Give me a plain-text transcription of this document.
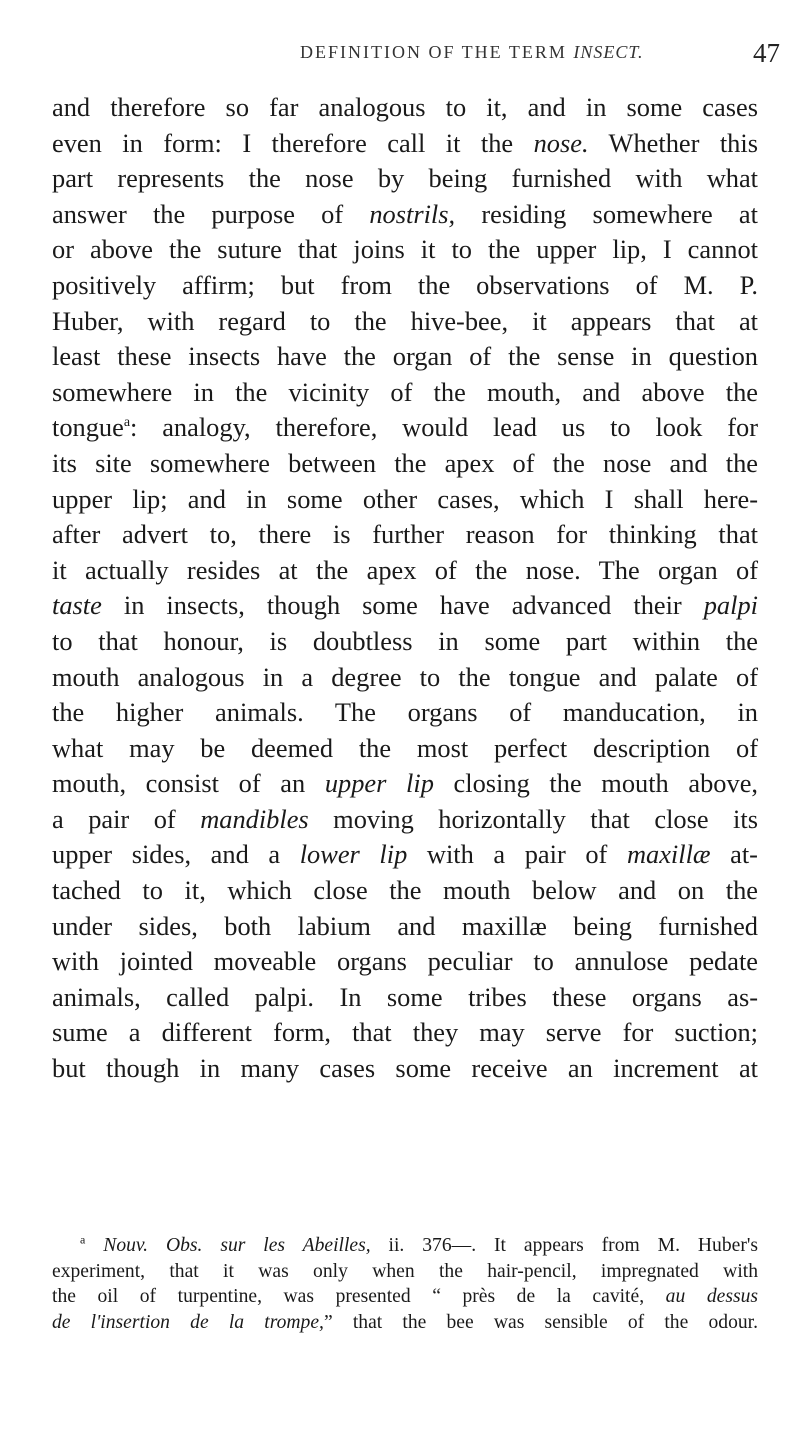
DEFINITION OF THE TERM INSECT.	47
and therefore so far analogous to it, and in some cases
even in form: I therefore call it the nose. Whether this
part represents the nose by being furnished with what
answer the purpose of nostrils, residing somewhere at
or above the suture that joins it to the upper lip, I cannot
positively affirm; but from the observations of M. P.
Huber, with regard to the hive-bee, it appears that at
least these insects have the organ of the sense in question
somewhere in the vicinity of the mouth, and above the
tongue$^a$: analogy, therefore, would lead us to look for
its site somewhere between the apex of the nose and the
upper lip; and in some other cases, which I shall here-
after advert to, there is further reason for thinking that
it actually resides at the apex of the nose. The organ of
taste in insects, though some have advanced their palpi
to that honour, is doubtless in some part within the
mouth analogous in a degree to the tongue and palate of
the higher animals. The organs of manducation, in
what may be deemed the most perfect description of
mouth, consist of an upper lip closing the mouth above,
a pair of mandibles moving horizontally that close its
upper sides, and a lower lip with a pair of maxillæ at-
tached to it, which close the mouth below and on the
under sides, both labium and maxillæ being furnished
with jointed moveable organs peculiar to annulose pedate
animals, called palpi. In some tribes these organs as-
sume a different form, that they may serve for suction;
but though in many cases some receive an increment at
$^a$ Nouv. Obs. sur les Abeilles, ii. 376—. It appears from M. Huber's
experiment, that it was only when the hair-pencil, impregnated with
the oil of turpentine, was presented “ près de la cavité, au dessus
de l'insertion de la trompe,” that the bee was sensible of the odour.
